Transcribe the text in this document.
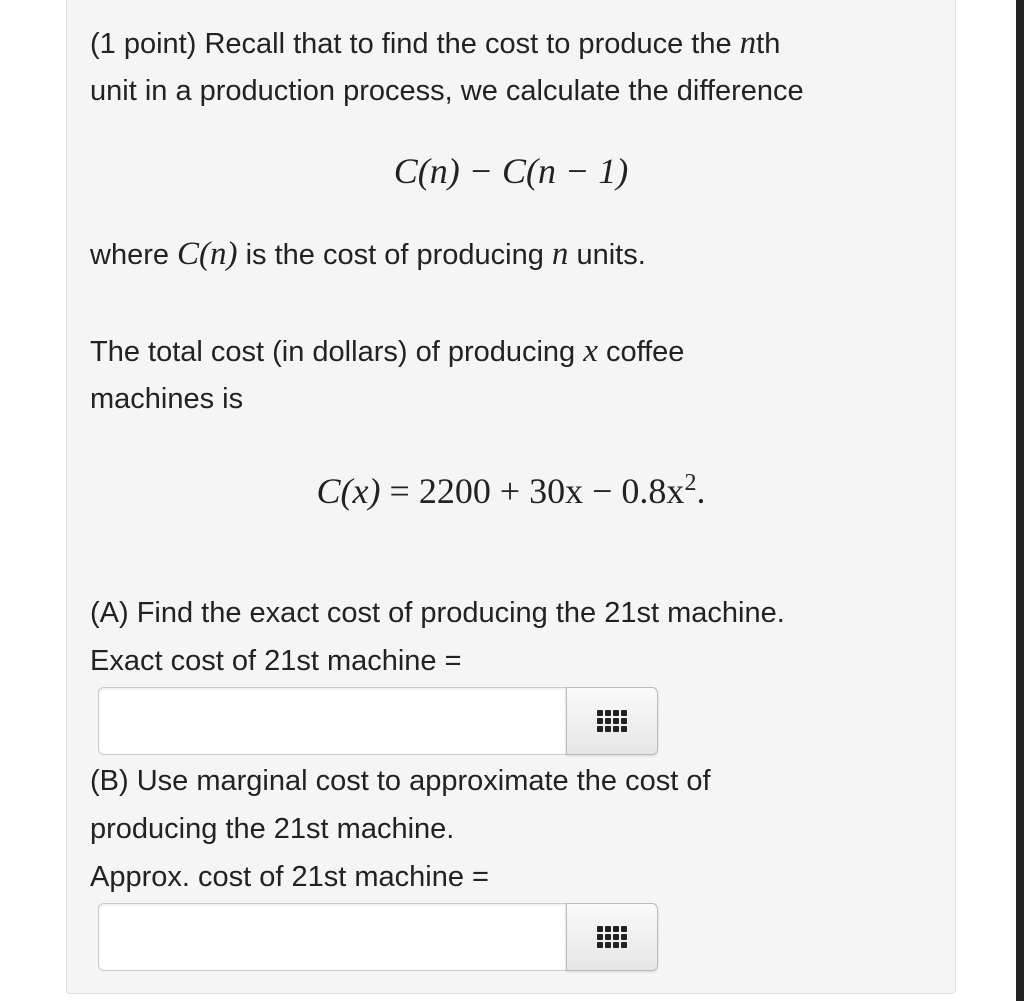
(1 point) Recall that to find the cost to produce the nth
unit in a production process, we calculate the difference
C(n) − C(n − 1)
where C(n) is the cost of producing n units.
The total cost (in dollars) of producing x coffee
machines is
$C(x) = 2200 + 30x - 0.8x^2$.
(A) Find the exact cost of producing the 21st machine.
Exact cost of 21st machine =
(B) Use marginal cost to approximate the cost of
producing the 21st machine.
Approx. cost of 21st machine =
